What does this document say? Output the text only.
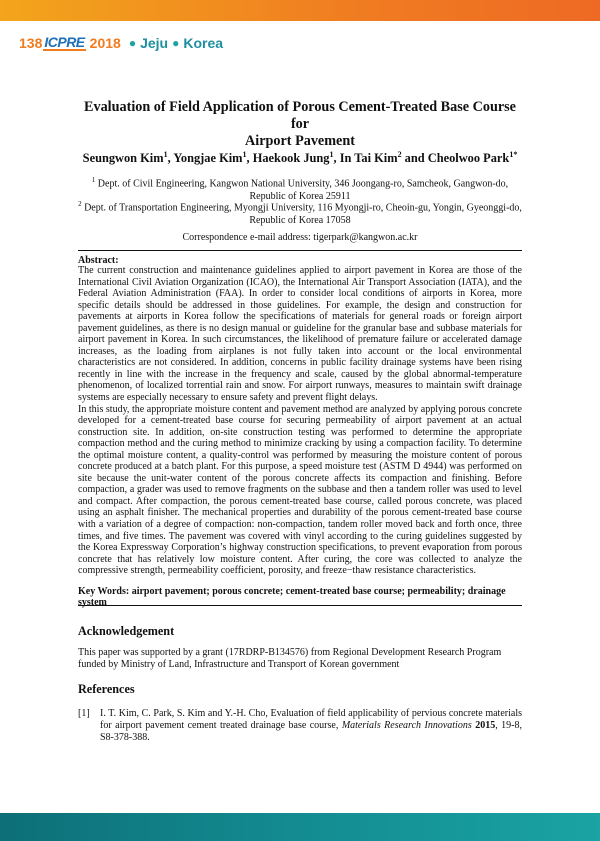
138 ICPRE 2018 ● Jeju ● Korea
Evaluation of Field Application of Porous Cement-Treated Base Course for
Airport Pavement
Seungwon Kim$^1$, Yongjae Kim$^1$, Haekook Jung$^1$, In Tai Kim$^2$ and Cheolwoo Park$^{1*}$
$^1$ Dept. of Civil Engineering, Kangwon National University, 346 Joongang-ro, Samcheok, Gangwon-do,
Republic of Korea 25911
$^2$ Dept. of Transportation Engineering, Myongji University, 116 Myongji-ro, Cheoin-gu, Yongin, Gyeonggi-do,
Republic of Korea 17058
Correspondence e-mail address: tigerpark@kangwon.ac.kr
Abstract:

The current construction and maintenance guidelines applied to airport pavement in Korea are those of the International Civil Aviation Organization (ICAO), the International Air Transport Association (IATA), and the Federal Aviation Administration (FAA). In order to consider local conditions of airports in Korea, more specific details should be addressed in those guidelines. For example, the design and construction for pavements at airports in Korea follow the specifications of materials for general roads or foreign airport pavement guidelines, as there is no design manual or guideline for the granular base and subbase materials for airport pavement in Korea. In such circumstances, the likelihood of premature failure or accelerated damage increases, as the loading from airplanes is not fully taken into account or the local environmental characteristics are not considered. In addition, concerns in public facility drainage systems have been rising recently in line with the increase in the frequency and scale, caused by the global abnormal-temperature phenomenon, of localized torrential rain and snow. For airport runways, measures to maintain swift drainage systems are especially necessary to ensure safety and prevent flight delays.

In this study, the appropriate moisture content and pavement method are analyzed by applying porous concrete developed for a cement-treated base course for securing permeability of airport pavement at an actual construction site. In addition, on-site construction testing was performed to determine the appropriate compaction method and the curing method to minimize cracking by using a compaction facility. To determine the optimal moisture content, a quality-control was performed by measuring the moisture content of porous concrete produced at a batch plant. For this purpose, a speed moisture test (ASTM D 4944) was performed on site because the unit-water content of the porous concrete affects its compaction and finishing. Before compaction, a grader was used to remove fragments on the subbase and then a tandem roller was used to level and compact. After compaction, the porous cement-treated base course, called porous concrete, was placed using an asphalt finisher. The mechanical properties and durability of the porous cement-treated base course with a variation of a degree of compaction: non-compaction, tandem roller moved back and forth once, three times, and five times. The pavement was covered with vinyl according to the curing guidelines suggested by the Korea Expressway Corporation’s highway construction specifications, to prevent evaporation from porous concrete that has relatively low moisture content. After curing, the core was collected to analyze the compressive strength, permeability coefficient, porosity, and freeze−thaw resistance characteristics.

Key Words: airport pavement; porous concrete; cement-treated base course; permeability; drainage system
Acknowledgement
This paper was supported by a grant (17RDRP-B134576) from Regional Development Research Program funded by Ministry of Land, Infrastructure and Transport of Korean government
References
[1]	I. T. Kim, C. Park, S. Kim and Y.-H. Cho, Evaluation of field applicability of pervious concrete materials for airport pavement cement treated drainage base course, Materials Research Innovations 2015, 19-8, S8-378-388.
